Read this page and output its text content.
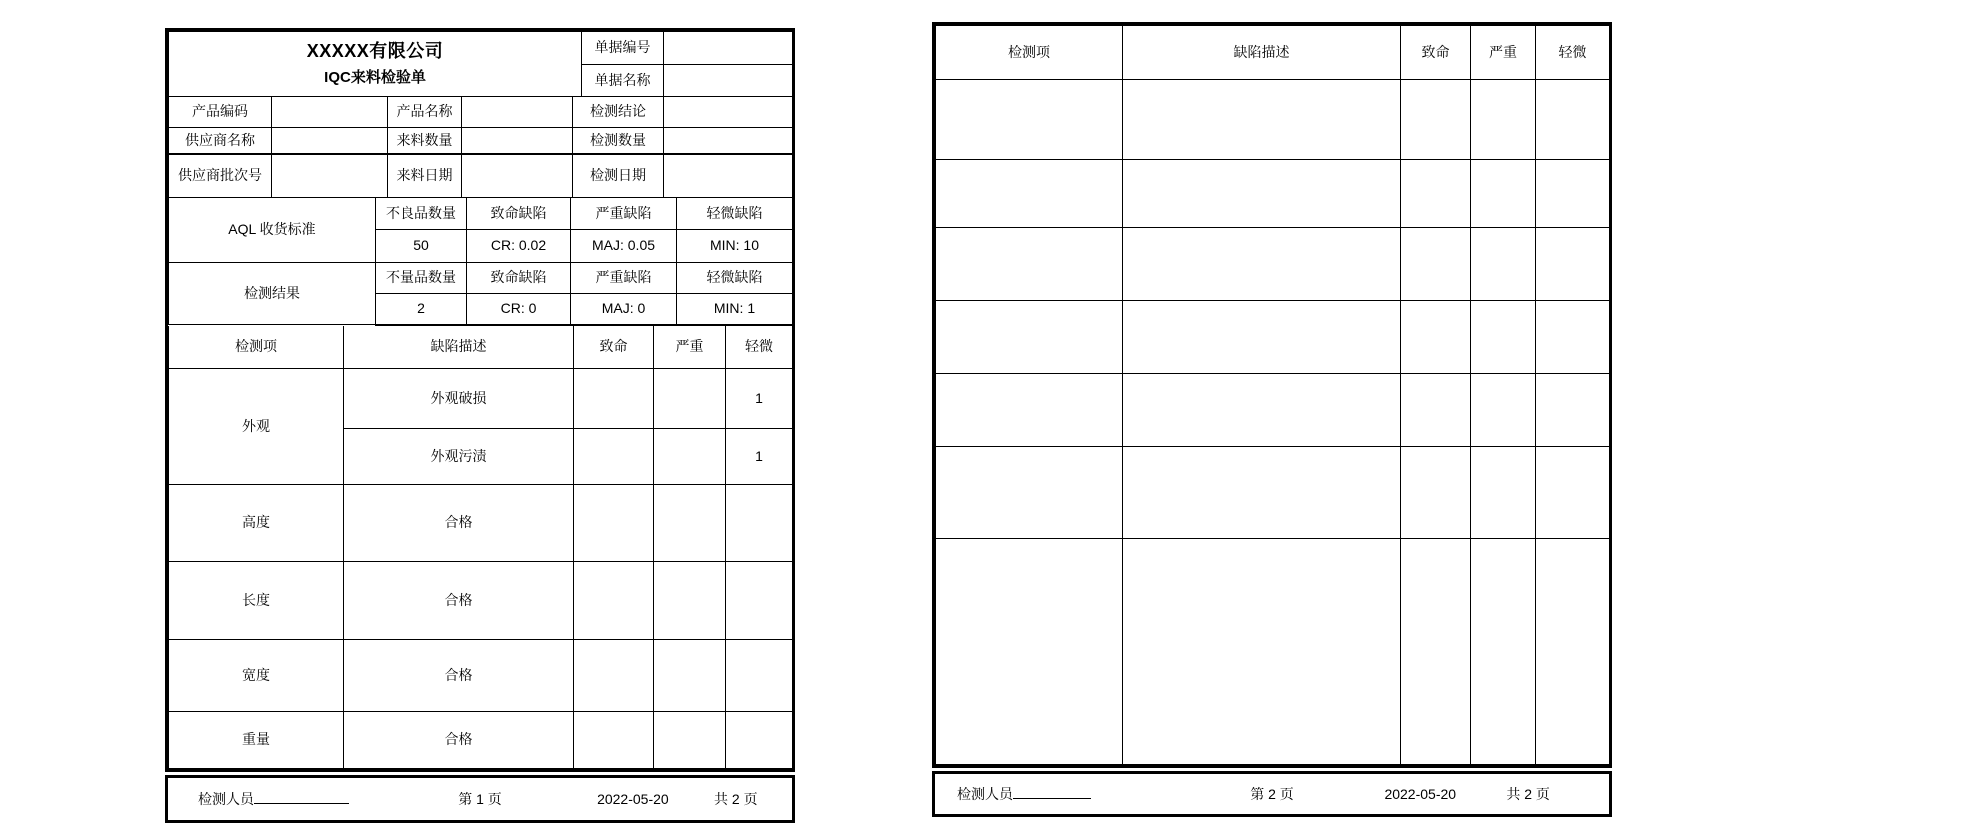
XXXXX有限公司
IQC来料检验单	单据编号	
	单据名称	
产品编码		产品名称		检测结论	
供应商名称		来料数量		检测数量	
供应商批次号		来料日期		检测日期	
AQL 收货标准	不良品数量	致命缺陷	严重缺陷	轻微缺陷
	50	CR: 0.02	MAJ: 0.05	MIN: 10
检测结果	不量品数量	致命缺陷	严重缺陷	轻微缺陷
	2	CR: 0	MAJ: 0	MIN: 1
检测项	缺陷描述	致命	严重	轻微
外观	外观破损			1
	外观污渍			1
高度	合格			
长度	合格			
宽度	合格			
重量	合格			
检测人员	第 1 页	2022-05-20	共 2 页
检测项	缺陷描述	致命	严重	轻微

检测人员	第 2 页	2022-05-20	共 2 页
